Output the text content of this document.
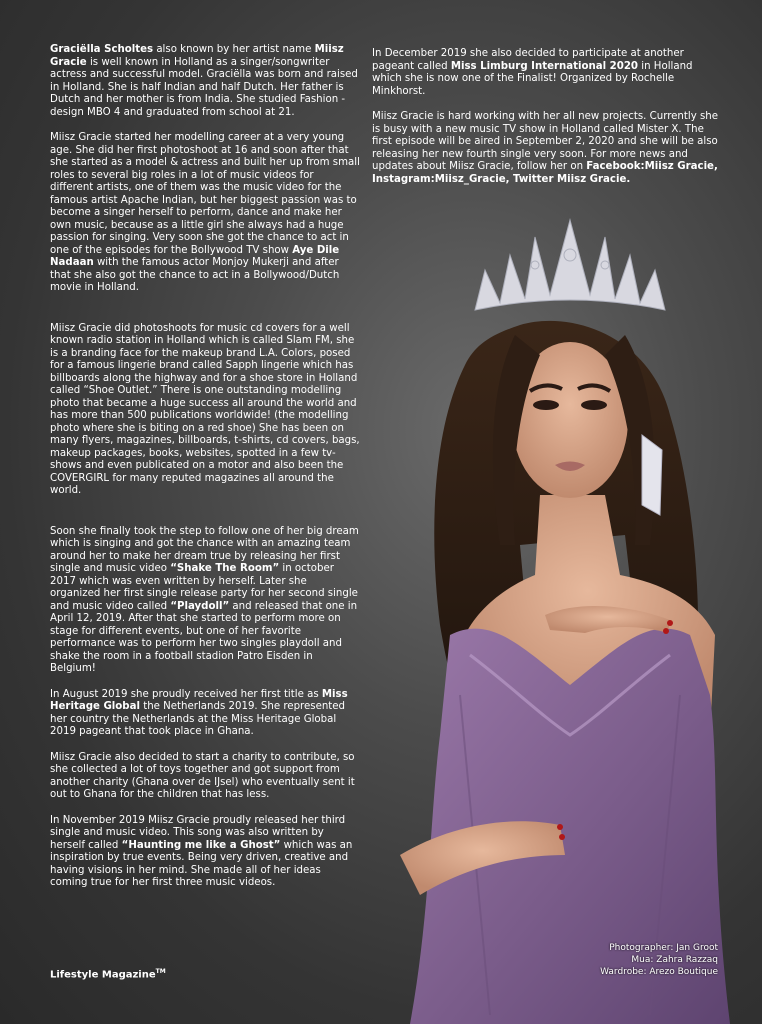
Graciëlla Scholtes also known by her artist name Miisz Gracie is well known in Holland as a singer/songwriter actress and successful model. Graciëlla was born and raised in Holland. She is half Indian and half Dutch. Her father is Dutch and her mother is from India. She studied Fashion - design MBO 4 and graduated from school at 21.

Miisz Gracie started her modelling career at a very young age. She did her first photoshoot at 16 and soon after that she started as a model & actress and built her up from small roles to several big roles in a lot of music videos for different artists, one of them was the music video for the famous artist Apache Indian, but her biggest passion was to become a singer herself to perform, dance and make her own music, because as a little girl she always had a huge passion for singing. Very soon she got the chance to act in one of the episodes for the Bollywood TV show Aye Dile Nadaan with the famous actor Monjoy Mukerji and after that she also got the chance to act in a Bollywood/Dutch movie in Holland.

Miisz Gracie did photoshoots for music cd covers for a well known radio station in Holland which is called Slam FM, she is a branding face for the makeup brand L.A. Colors, posed for a famous lingerie brand called Sapph lingerie which has billboards along the highway and for a shoe store in Holland called “Shoe Outlet.” There is one outstanding modelling photo that became a huge success all around the world and has more than 500 publications worldwide! (the modelling photo where she is biting on a red shoe) She has been on many flyers, magazines, billboards, t-shirts, cd covers, bags, makeup packages, books, websites, spotted in a few tv-shows and even publicated on a motor and also been the COVERGIRL for many reputed magazines all around the world.

Soon she finally took the step to follow one of her big dream which is singing and got the chance with an amazing team around her to make her dream true by releasing her first single and music video “Shake The Room” in october 2017 which was even written by herself. Later she organized her first single release party for her second single and music video called “Playdoll” and released that one in April 12, 2019. After that she started to perform more on stage for different events, but one of her favorite performance was to perform her two singles playdoll and shake the room in a football stadion Patro Eisden in Belgium!

In August 2019 she proudly received her first title as Miss Heritage Global the Netherlands 2019. She represented her country the Netherlands at the Miss Heritage Global 2019 pageant that took place in Ghana.

Miisz Gracie also decided to start a charity to contribute, so she collected a lot of toys together and got support from another charity (Ghana over de IJsel) who eventually sent it out to Ghana for the children that has less.

In November 2019 Miisz Gracie proudly released her third single and music video. This song was also written by herself called “Haunting me like a Ghost” which was an inspiration by true events. Being very driven, creative and having visions in her mind. She made all of her ideas coming true for her first three music videos.

In December 2019 she also decided to participate at another pageant called Miss Limburg International 2020 in Holland which she is now one of the Finalist! Organized by Rochelle Minkhorst.

Miisz Gracie is hard working with her all new projects. Currently she is busy with a new music TV show in Holland called Mister X. The first episode will be aired in September 2, 2020 and she will be also releasing her new fourth single very soon. For more news and updates about Miisz Gracie, follow her on Facebook:Miisz Gracie, Instagram:Miisz_Gracie, Twitter Miisz Gracie.

Photographer: Jan Groot
Mua: Zahra Razzaq
Wardrobe: Arezo Boutique
Lifestyle Magazine™
